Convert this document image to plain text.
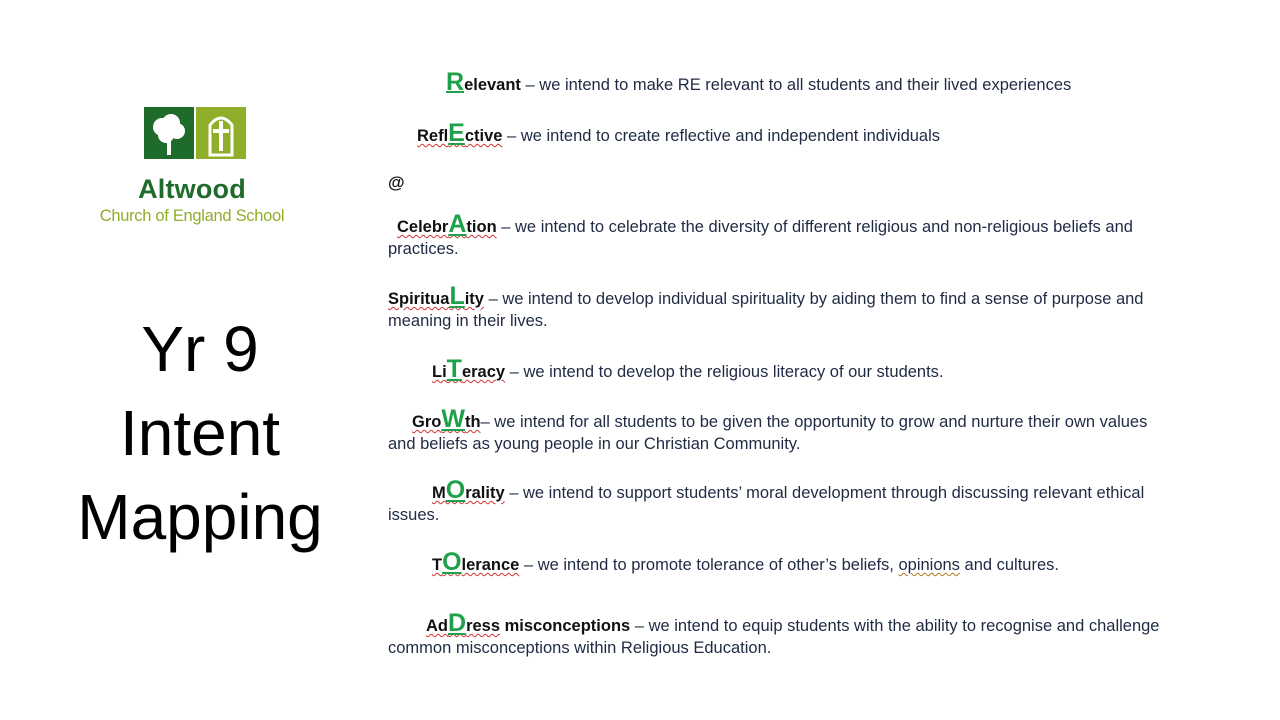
Altwood
Church of England School
Yr 9
Intent
Mapping
Relevant – we intend to make RE relevant to all students and their lived experiences
ReflEctive – we intend to create reflective and independent individuals
@
CelebrAtion – we intend to celebrate the diversity of different religious and non-religious beliefs and practices.
SpirituaLity – we intend to develop individual spirituality by aiding them to find a sense of purpose and meaning in their lives.
LiTeracy – we intend to develop the religious literacy of our students.
GroWth– we intend for all students to be given the opportunity to grow and nurture their own values and beliefs as young people in our Christian Community.
MOrality – we intend to support students’ moral development through discussing relevant ethical issues.
TOlerance – we intend to promote tolerance of other’s beliefs, opinions and cultures.
AdDress misconceptions – we intend to equip students with the ability to recognise and challenge common misconceptions within Religious Education.
